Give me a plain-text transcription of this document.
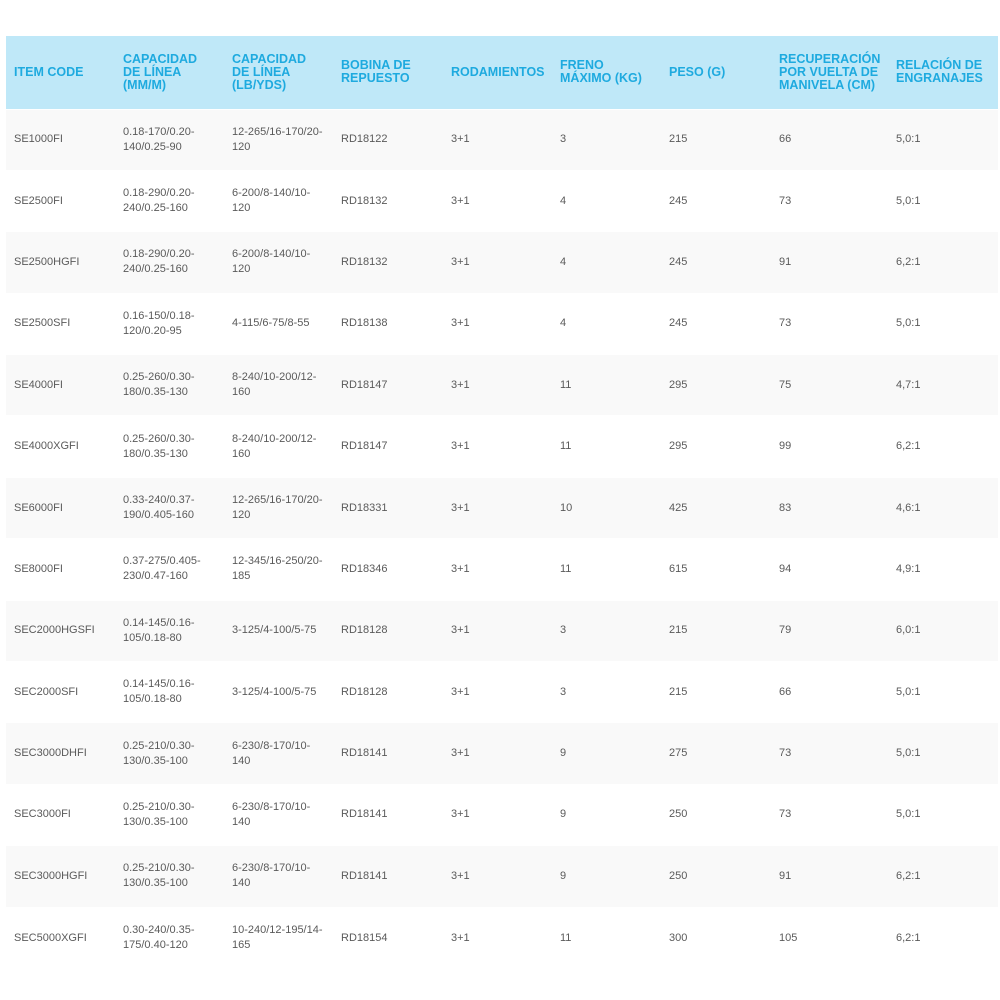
ITEM CODE	CAPACIDAD DE LÍNEA (MM/M)	CAPACIDAD DE LÍNEA (LB/YDS)	BOBINA DE REPUESTO	RODAMIENTOS	FRENO MÁXIMO (KG)	PESO (G)	RECUPERACIÓN POR VUELTA DE MANIVELA (CM)	RELACIÓN DE ENGRANAJES
SE1000FI	0.18-170/0.20-140/0.25-90	12-265/16-170/20-120	RD18122	3+1	3	215	66	5,0:1
SE2500FI	0.18-290/0.20-240/0.25-160	6-200/8-140/10-120	RD18132	3+1	4	245	73	5,0:1
SE2500HGFI	0.18-290/0.20-240/0.25-160	6-200/8-140/10-120	RD18132	3+1	4	245	91	6,2:1
SE2500SFI	0.16-150/0.18-120/0.20-95	4-115/6-75/8-55	RD18138	3+1	4	245	73	5,0:1
SE4000FI	0.25-260/0.30-180/0.35-130	8-240/10-200/12-160	RD18147	3+1	11	295	75	4,7:1
SE4000XGFI	0.25-260/0.30-180/0.35-130	8-240/10-200/12-160	RD18147	3+1	11	295	99	6,2:1
SE6000FI	0.33-240/0.37-190/0.405-160	12-265/16-170/20-120	RD18331	3+1	10	425	83	4,6:1
SE8000FI	0.37-275/0.405-230/0.47-160	12-345/16-250/20-185	RD18346	3+1	11	615	94	4,9:1
SEC2000HGSFI	0.14-145/0.16-105/0.18-80	3-125/4-100/5-75	RD18128	3+1	3	215	79	6,0:1
SEC2000SFI	0.14-145/0.16-105/0.18-80	3-125/4-100/5-75	RD18128	3+1	3	215	66	5,0:1
SEC3000DHFI	0.25-210/0.30-130/0.35-100	6-230/8-170/10-140	RD18141	3+1	9	275	73	5,0:1
SEC3000FI	0.25-210/0.30-130/0.35-100	6-230/8-170/10-140	RD18141	3+1	9	250	73	5,0:1
SEC3000HGFI	0.25-210/0.30-130/0.35-100	6-230/8-170/10-140	RD18141	3+1	9	250	91	6,2:1
SEC5000XGFI	0.30-240/0.35-175/0.40-120	10-240/12-195/14-165	RD18154	3+1	11	300	105	6,2:1
